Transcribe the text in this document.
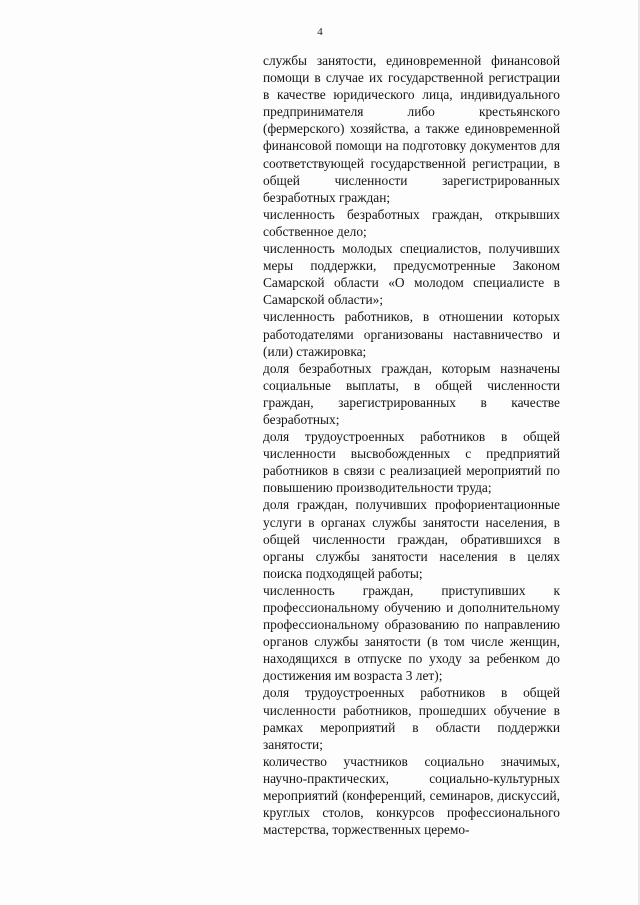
4

службы занятости, единовременной финансовой помощи в случае их государственной регистрации в качестве юридического лица, индивидуального предпринимателя либо крестьянского (фермерского) хозяйства, а также единовременной финансовой помощи на подготовку документов для соответствующей государственной регистрации, в общей численности зарегистрированных безработных граждан;

численность безработных граждан, открывших собственное дело;

численность молодых специалистов, получивших меры поддержки, предусмотренные Законом Самарской области «О молодом специалисте в Самарской области»;

численность работников, в отношении которых работодателями организованы наставничество и (или) стажировка;

доля безработных граждан, которым назначены социальные выплаты, в общей численности граждан, зарегистрированных в качестве безработных;

доля трудоустроенных работников в общей численности высвобожденных с предприятий работников в связи с реализацией мероприятий по повышению производительности труда;

доля граждан, получивших профориентационные услуги в органах службы занятости населения, в общей численности граждан, обратившихся в органы службы занятости населения в целях поиска подходящей работы;

численность граждан, приступивших к профессиональному обучению и дополнительному профессиональному образованию по направлению органов службы занятости (в том числе женщин, находящихся в отпуске по уходу за ребенком до достижения им возраста 3 лет);

доля трудоустроенных работников в общей численности работников, прошедших обучение в рамках мероприятий в области поддержки занятости;

количество участников социально значимых, научно-практических, социально-культурных мероприятий (конференций, семинаров, дискуссий, круглых столов, конкурсов профессионального мастерства, торжественных церемо-
